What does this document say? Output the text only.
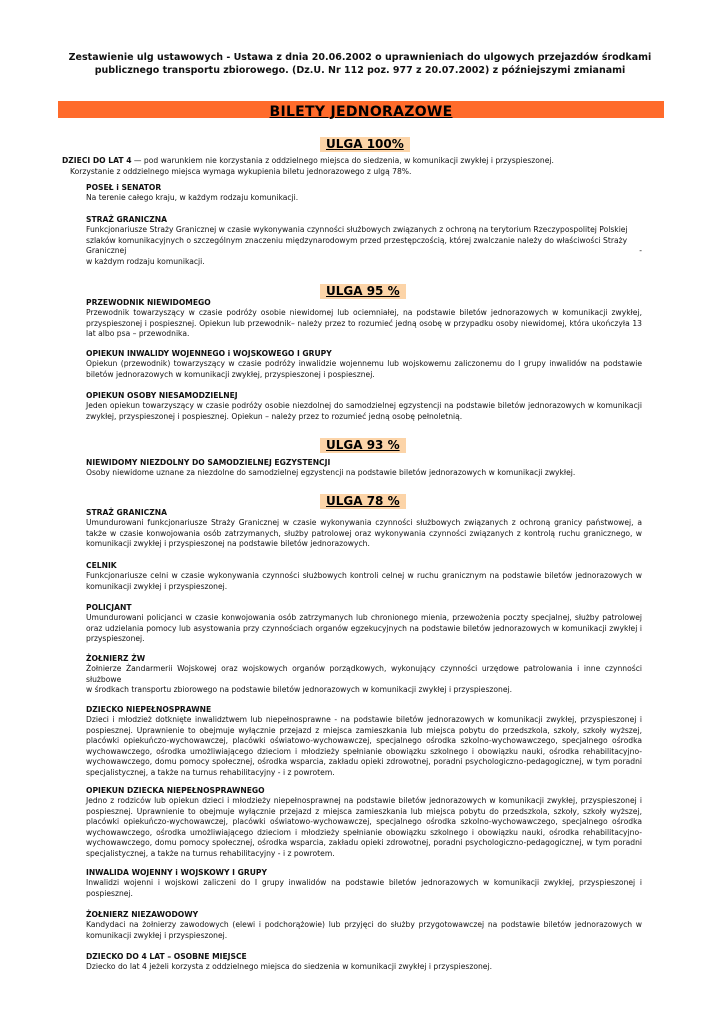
Zestawienie ulg ustawowych - Ustawa z dnia 20.06.2002 o uprawnieniach do ulgowych przejazdów środkami
publicznego transportu zbiorowego. (Dz.U. Nr 112 poz. 977 z 20.07.2002) z późniejszymi zmianami
BILETY JEDNORAZOWE
ULGA 100%
DZIECI DO LAT 4 — pod warunkiem nie korzystania z oddzielnego miejsca do siedzenia, w komunikacji zwykłej i przyspieszonej.
Korzystanie z oddzielnego miejsca wymaga wykupienia biletu jednorazowego z ulgą 78%.
POSEŁ i SENATOR
Na terenie całego kraju, w każdym rodzaju komunikacji.
STRAŻ GRANICZNA
Funkcjonariusze Straży Granicznej w czasie wykonywania czynności służbowych związanych z ochroną na terytorium Rzeczypospolitej Polskiej szlaków komunikacyjnych o szczególnym znaczeniu międzynarodowym przed przestępczością, której zwalczanie należy do właściwości Straży Granicznej	-
w każdym rodzaju komunikacji.
ULGA 95 %
PRZEWODNIK NIEWIDOMEGO
Przewodnik towarzyszący w czasie podróży osobie niewidomej lub ociemniałej, na podstawie biletów jednorazowych w komunikacji zwykłej, przyspieszonej i pospiesznej. Opiekun lub przewodnik– należy przez to rozumieć jedną osobę w przypadku osoby niewidomej, która ukończyła 13 lat albo psa – przewodnika.
OPIEKUN INWALIDY WOJENNEGO i WOJSKOWEGO I GRUPY
Opiekun (przewodnik) towarzyszący w czasie podróży inwalidzie wojennemu lub wojskowemu zaliczonemu do I grupy inwalidów na podstawie biletów jednorazowych w komunikacji zwykłej, przyspieszonej i pospiesznej.
OPIEKUN OSOBY NIESAMODZIELNEJ
Jeden opiekun towarzyszący w czasie podróży osobie niezdolnej do samodzielnej egzystencji na podstawie biletów jednorazowych w komunikacji zwykłej, przyspieszonej i pospiesznej. Opiekun – należy przez to rozumieć jedną osobę pełnoletnią.
ULGA 93 %
NIEWIDOMY NIEZDOLNY DO SAMODZIELNEJ EGZYSTENCJI
Osoby niewidome uznane za niezdolne do samodzielnej egzystencji na podstawie biletów jednorazowych w komunikacji zwykłej.
ULGA 78 %
STRAŻ GRANICZNA
Umundurowani funkcjonariusze Straży Granicznej w czasie wykonywania czynności służbowych związanych z ochroną granicy państwowej, a także w czasie konwojowania osób zatrzymanych, służby patrolowej oraz wykonywania czynności związanych z kontrolą ruchu granicznego, w komunikacji zwykłej i przyspieszonej na podstawie biletów jednorazowych.
CELNIK
Funkcjonariusze celni w czasie wykonywania czynności służbowych kontroli celnej w ruchu granicznym na podstawie biletów jednorazowych w komunikacji zwykłej i przyspieszonej.
POLICJANT
Umundurowani policjanci w czasie konwojowania osób zatrzymanych lub chronionego mienia, przewożenia poczty specjalnej, służby patrolowej oraz udzielania pomocy lub asystowania przy czynnościach organów egzekucyjnych na podstawie biletów jednorazowych w komunikacji zwykłej i przyspieszonej.
ŻOŁNIERZ ŻW
Żołnierze Żandarmerii Wojskowej oraz wojskowych organów porządkowych, wykonujący czynności urzędowe patrolowania i inne czynności służbowe
w środkach transportu zbiorowego na podstawie biletów jednorazowych w komunikacji zwykłej i przyspieszonej.
DZIECKO NIEPEŁNOSPRAWNE
Dzieci i młodzież dotknięte inwalidztwem lub niepełnosprawne - na podstawie biletów jednorazowych w komunikacji zwykłej, przyspieszonej i pospiesznej. Uprawnienie to obejmuje wyłącznie przejazd z miejsca zamieszkania lub miejsca pobytu do przedszkola, szkoły, szkoły wyższej, placówki opiekuńczo-wychowawczej, placówki oświatowo-wychowawczej, specjalnego ośrodka szkolno-wychowawczego, specjalnego ośrodka wychowawczego, ośrodka umożliwiającego dzieciom i młodzieży spełnianie obowiązku szkolnego i obowiązku nauki, ośrodka rehabilitacyjno-wychowawczego, domu pomocy społecznej, ośrodka wsparcia, zakładu opieki zdrowotnej, poradni psychologiczno-pedagogicznej, w tym poradni specjalistycznej, a także na turnus rehabilitacyjny - i z powrotem.
OPIEKUN DZIECKA NIEPEŁNOSPRAWNEGO
Jedno z rodziców lub opiekun dzieci i młodzieży niepełnosprawnej na podstawie biletów jednorazowych w komunikacji zwykłej, przyspieszonej i pospiesznej. Uprawnienie to obejmuje wyłącznie przejazd z miejsca zamieszkania lub miejsca pobytu do przedszkola, szkoły, szkoły wyższej, placówki opiekuńczo-wychowawczej, placówki oświatowo-wychowawczej, specjalnego ośrodka szkolno-wychowawczego, specjalnego ośrodka wychowawczego, ośrodka umożliwiającego dzieciom i młodzieży spełnianie obowiązku szkolnego i obowiązku nauki, ośrodka rehabilitacyjno-wychowawczego, domu pomocy społecznej, ośrodka wsparcia, zakładu opieki zdrowotnej, poradni psychologiczno-pedagogicznej, w tym poradni specjalistycznej, a także na turnus rehabilitacyjny - i z powrotem.
INWALIDA WOJENNY i WOJSKOWY I GRUPY
Inwalidzi wojenni i wojskowi zaliczeni do I grupy inwalidów na podstawie biletów jednorazowych w komunikacji zwykłej, przyspieszonej i pospiesznej.
ŻOŁNIERZ NIEZAWODOWY
Kandydaci na żołnierzy zawodowych (elewi i podchorążowie) lub przyjęci do służby przygotowawczej na podstawie biletów jednorazowych w komunikacji zwykłej i przyspieszonej.
DZIECKO DO 4 LAT – OSOBNE MIEJSCE
Dziecko do lat 4 jeżeli korzysta z oddzielnego miejsca do siedzenia w komunikacji zwykłej i przyspieszonej.
